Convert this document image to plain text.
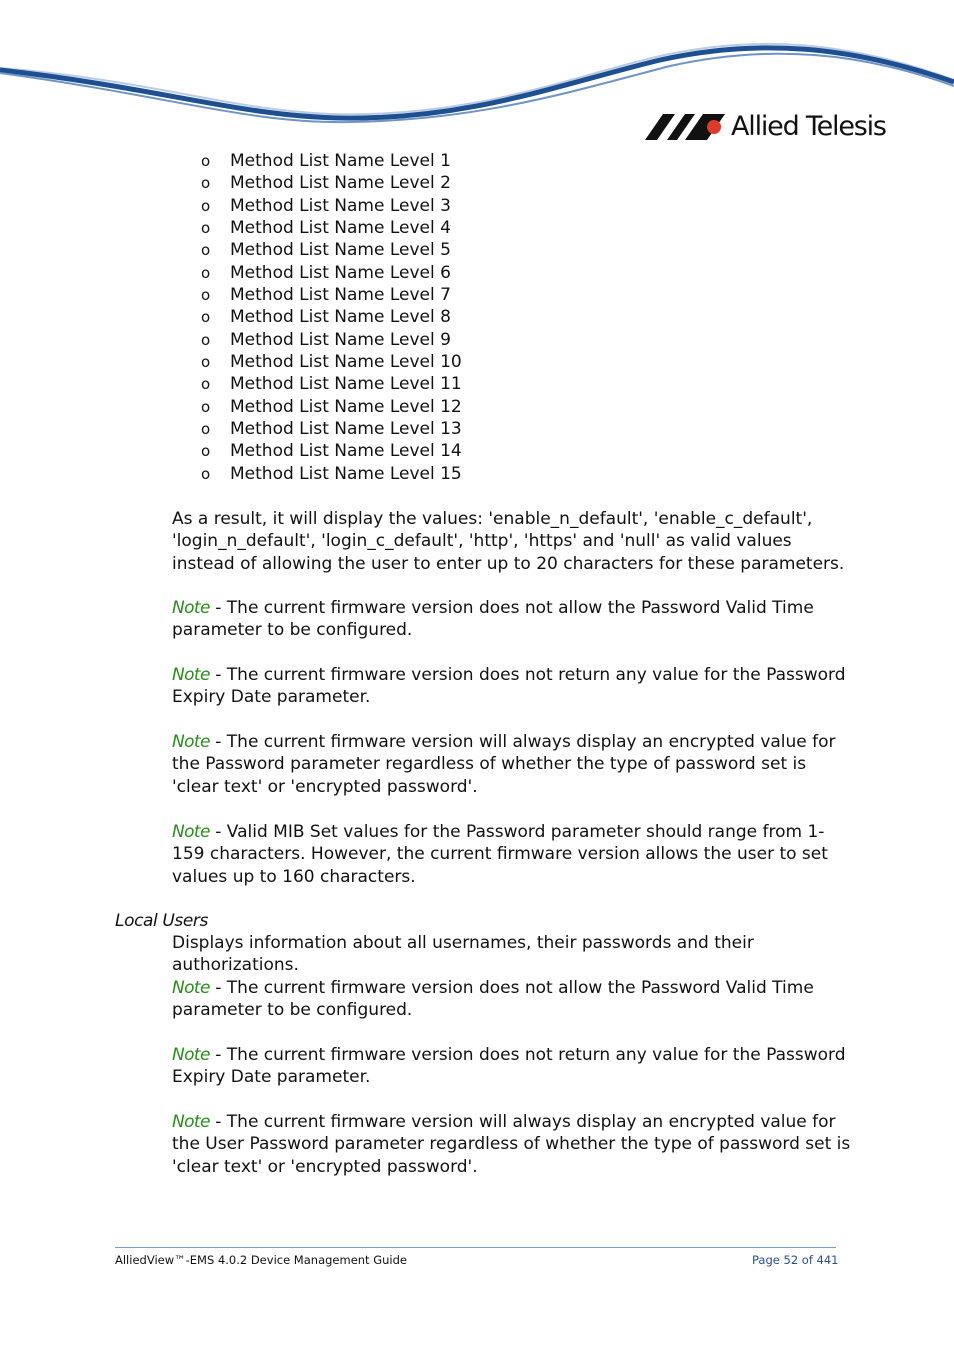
Allied Telesis
o Method List Name Level 1
o Method List Name Level 2
o Method List Name Level 3
o Method List Name Level 4
o Method List Name Level 5
o Method List Name Level 6
o Method List Name Level 7
o Method List Name Level 8
o Method List Name Level 9
o Method List Name Level 10
o Method List Name Level 11
o Method List Name Level 12
o Method List Name Level 13
o Method List Name Level 14
o Method List Name Level 15

As a result, it will display the values: 'enable_n_default', 'enable_c_default', 'login_n_default', 'login_c_default', 'http', 'https' and 'null' as valid values instead of allowing the user to enter up to 20 characters for these parameters.

Note - The current firmware version does not allow the Password Valid Time parameter to be configured.

Note - The current firmware version does not return any value for the Password Expiry Date parameter.

Note - The current firmware version will always display an encrypted value for the Password parameter regardless of whether the type of password set is 'clear text' or 'encrypted password'.

Note - Valid MIB Set values for the Password parameter should range from 1-159 characters. However, the current firmware version allows the user to set values up to 160 characters.

Local Users

Displays information about all usernames, their passwords and their authorizations.

Note - The current firmware version does not allow the Password Valid Time parameter to be configured.

Note - The current firmware version does not return any value for the Password Expiry Date parameter.

Note - The current firmware version will always display an encrypted value for the User Password parameter regardless of whether the type of password set is 'clear text' or 'encrypted password'.

AlliedView™-EMS 4.0.2 Device Management Guide	Page 52 of 441
